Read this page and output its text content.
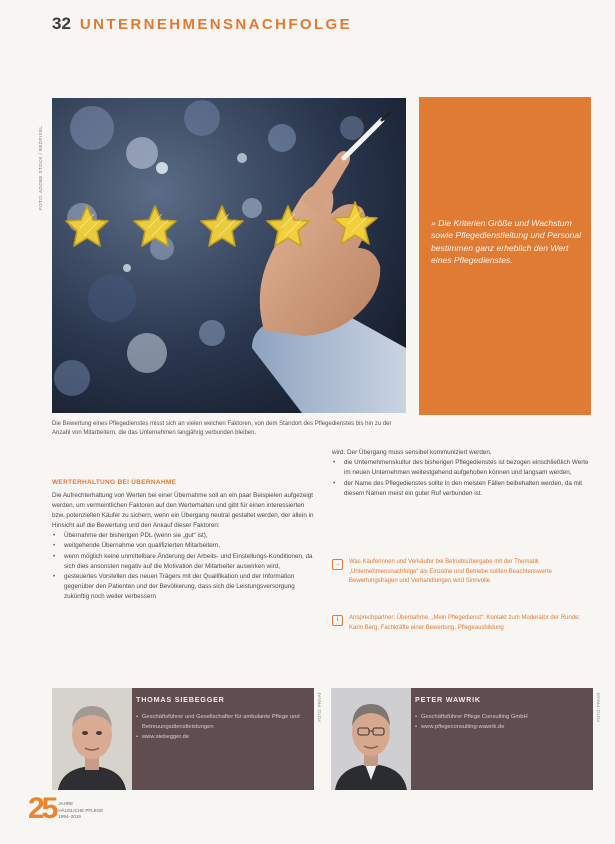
32 UNTERNEHMENSNACHFOLGE
FOTO: ADOBE STOCK / REDPIXEL
» Die Kriterien Größe und Wachstum sowie Pflegedienstleitung und Personal bestimmen ganz erheblich den Wert eines Pflegedienstes.
Die Bewertung eines Pflegedienstes misst sich an vielen weichen Faktoren, von dem Standort des Pflegedienstes bis hin zu der Anzahl von Mitarbeitern, die das Unternehmen langjährig verbunden bleiben.
WERTERHALTUNG BEI ÜBERNAHME

Die Aufrechterhaltung von Werten bei einer Übernahme soll an ein paar Beispielen aufgezeigt werden, um vermeintlichen Faktoren auf den Werterhalten und gibt für einen interessierten bzw. potenziellen Käufer zu sichern, wenn ein Übergang neutral gestaltet werden, der allein in Hinsicht auf die Bewertung und den Ankauf dieser Faktoren:

• Übernahme der bisherigen PDL (wenn sie „gut“ ist),

• weitgehende Übernahme von qualifizierten Mitarbeitern,

• wenn möglich keine unmittelbare Änderung der Arbeits- und Einstellungs-Konditionen, da sich dies ansonsten negativ auf die Motivation der Mitarbeiter auswirken wird,

• gesteuertes Vorstellen des neuen Trägers mit der Qualifikation und der Information gegenüber den Patienten und der Bevölkerung, dass sich die Leistungsversorgung zukünftig noch weiter verbessern

wird. Der Übergang muss sensibel kommuniziert werden,

• die Unternehmenskultur des bisherigen Pflegedienstes ist bezogen einschließlich Werte im neuen Unternehmen weitestgehend aufgehoben können und langsam werden,

• der Name des Pflegedienstes sollte in den meisten Fällen beibehalten werden, da mit diesem Namen meist ein guter Ruf verbunden ist.

→	Was Käuferinnen und Verkäufer bei Betriebsübergabe mit der Thematik „Unternehmensnachfolge“ als Einzelne und Betriebe sollten Beachtenswerte Bewertungsfragen und Verhandlungen wird Sinnvolle
i	Ansprechpartner: Übernahme, „Mein Pflegedienst“: Kontakt zum Moderator der Runde: Karin Berg, Fachkräfte einer Bewertung, Pflegeausbildung
THOMAS SIEBEGGER
• Geschäftsführer und Gesellschafter für ambulante Pflege und Betreuungsdienstleistungen
• www.siebegger.de
FOTO: PRIVAT	PETER WAWRIK
• Geschäftsführer Pflege Consulting GmbH
• www.pflegeconsulting-wawrik.de
FOTO: PRIVAT
25 JAHRE
HÄUSLICHE PFLEGE
1994–2019
